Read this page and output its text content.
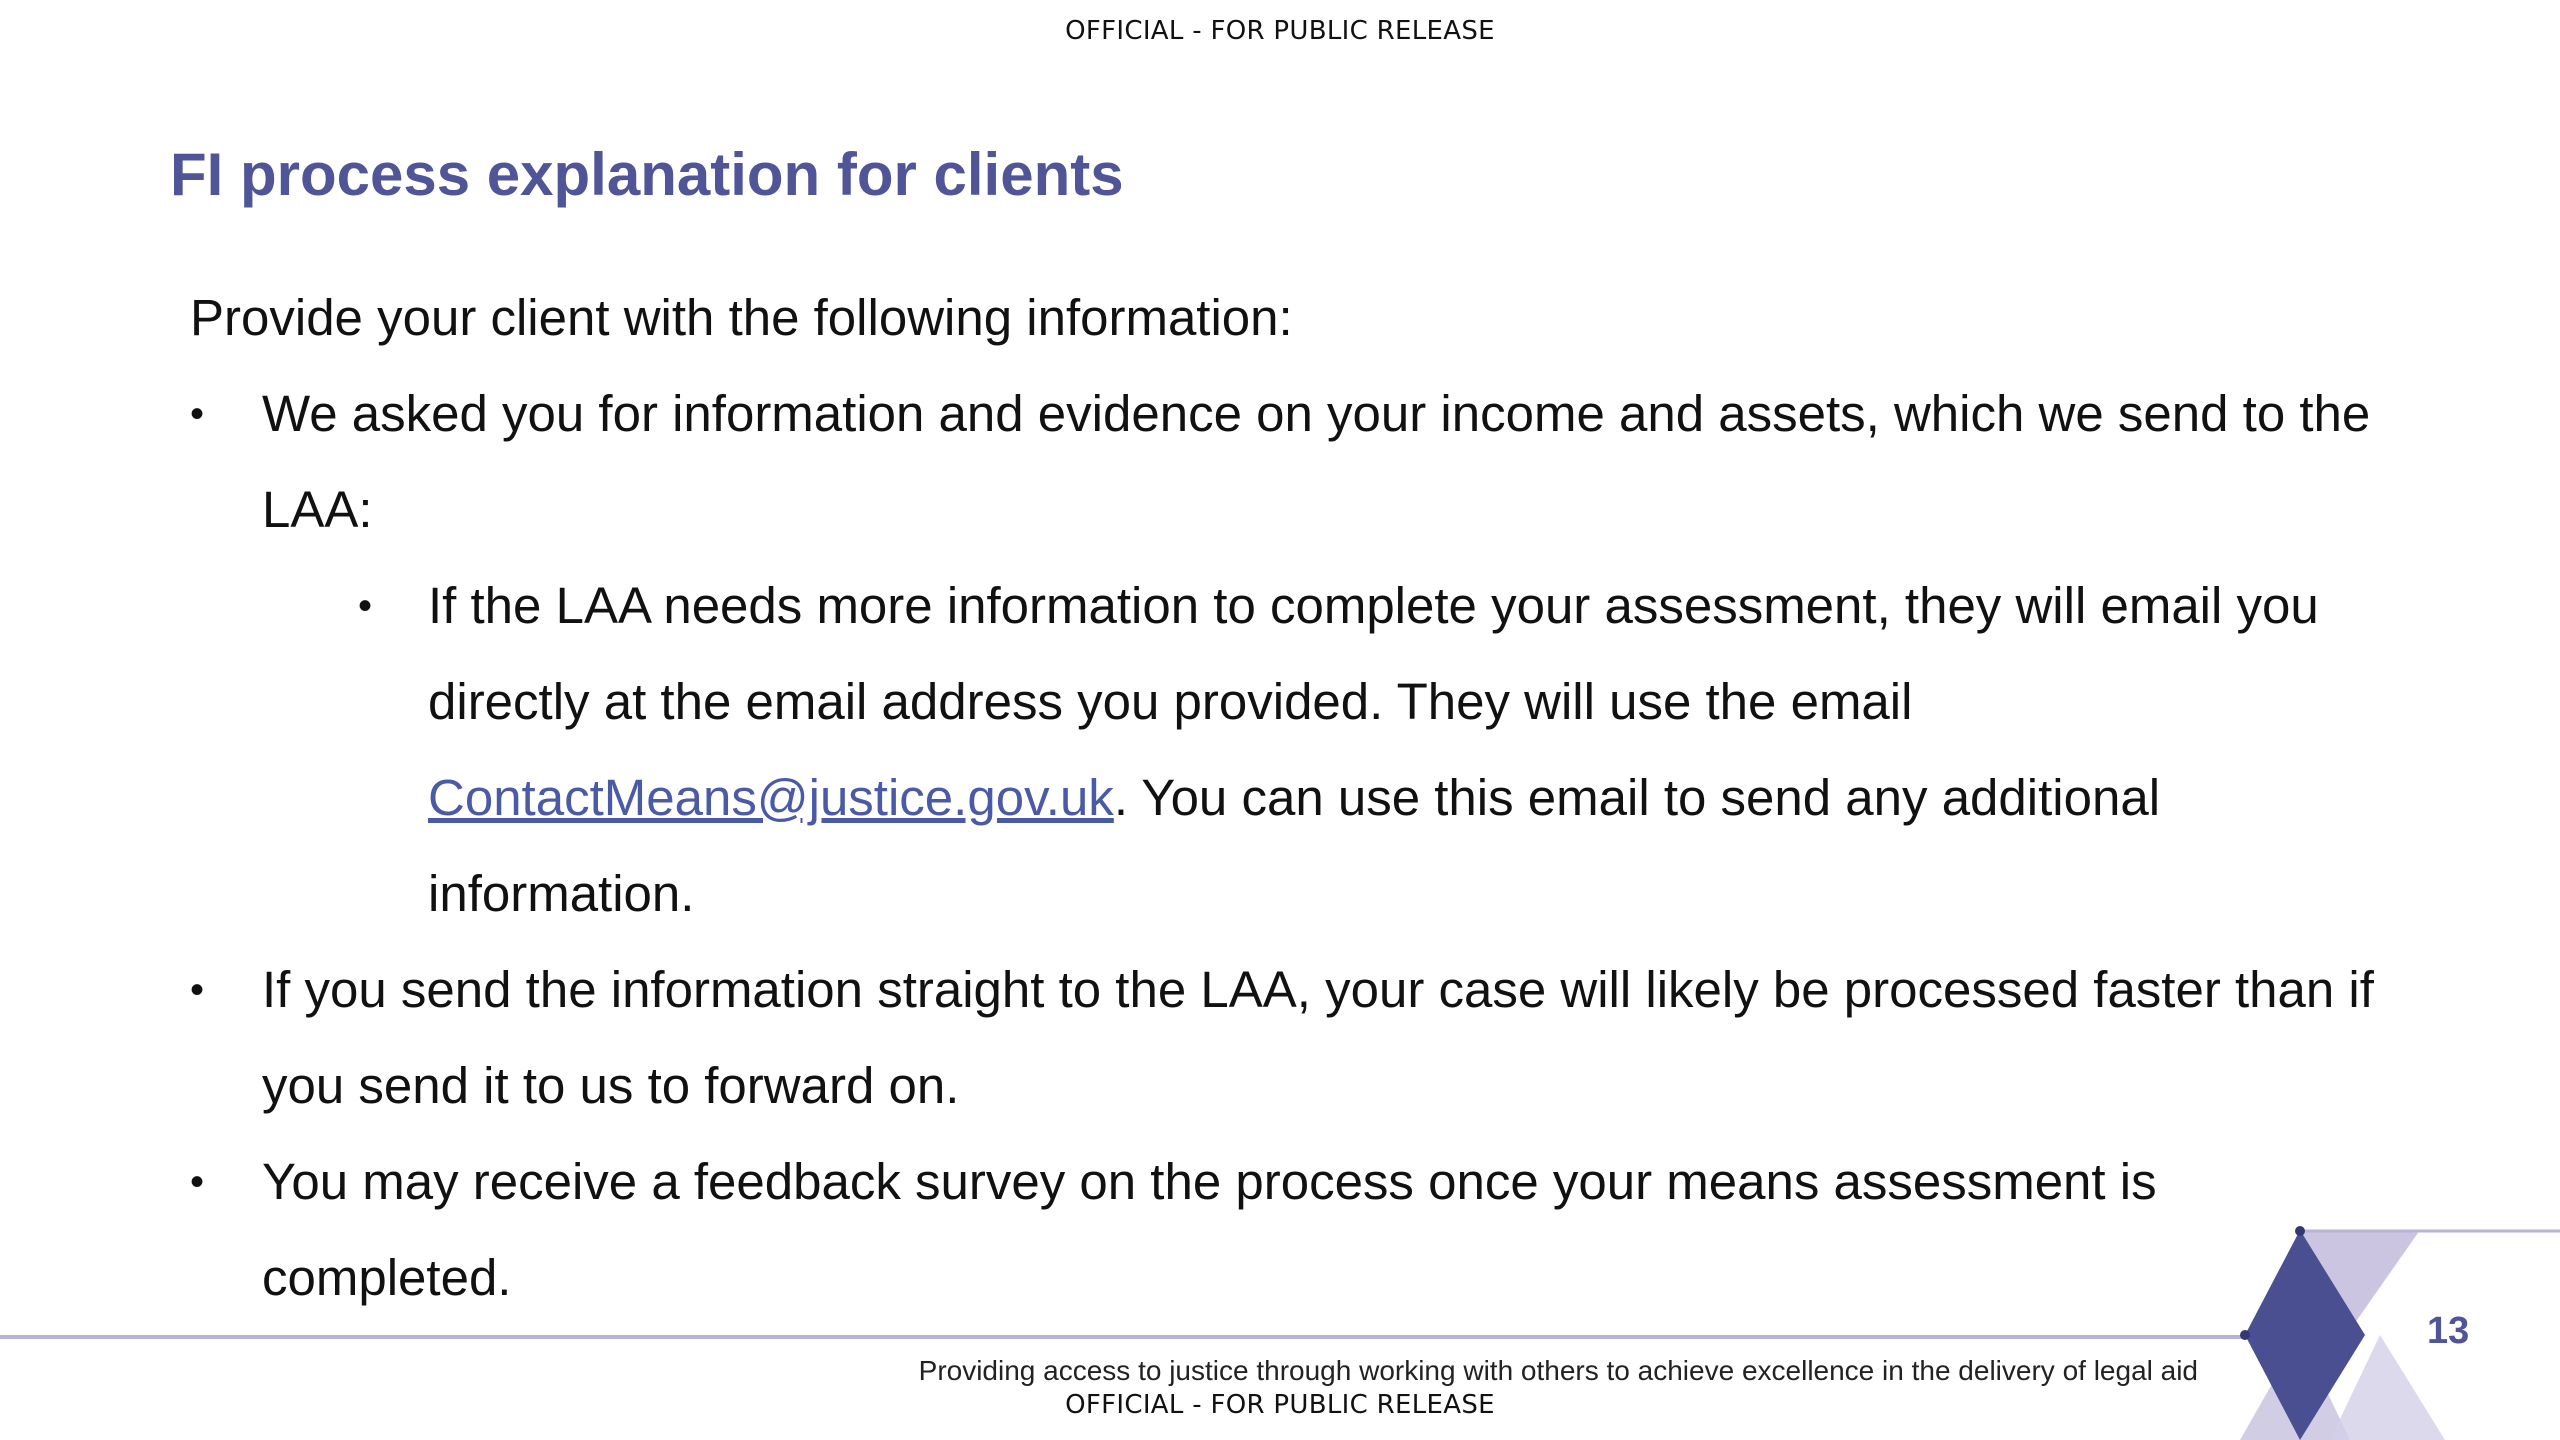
OFFICIAL - FOR PUBLIC RELEASE
FI process explanation for clients

Provide your client with the following information:

• We asked you for information and evidence on your income and assets, which we send to the LAA:
• If the LAA needs more information to complete your assessment, they will email you directly at the email address you provided. They will use the email ContactMeans@justice.gov.uk. You can use this email to send any additional information.
• If you send the information straight to the LAA, your case will likely be processed faster than if you send it to us to forward on.
• You may receive a feedback survey on the process once your means assessment is completed.
Providing access to justice through working with others to achieve excellence in the delivery of legal aid
13
OFFICIAL - FOR PUBLIC RELEASE
